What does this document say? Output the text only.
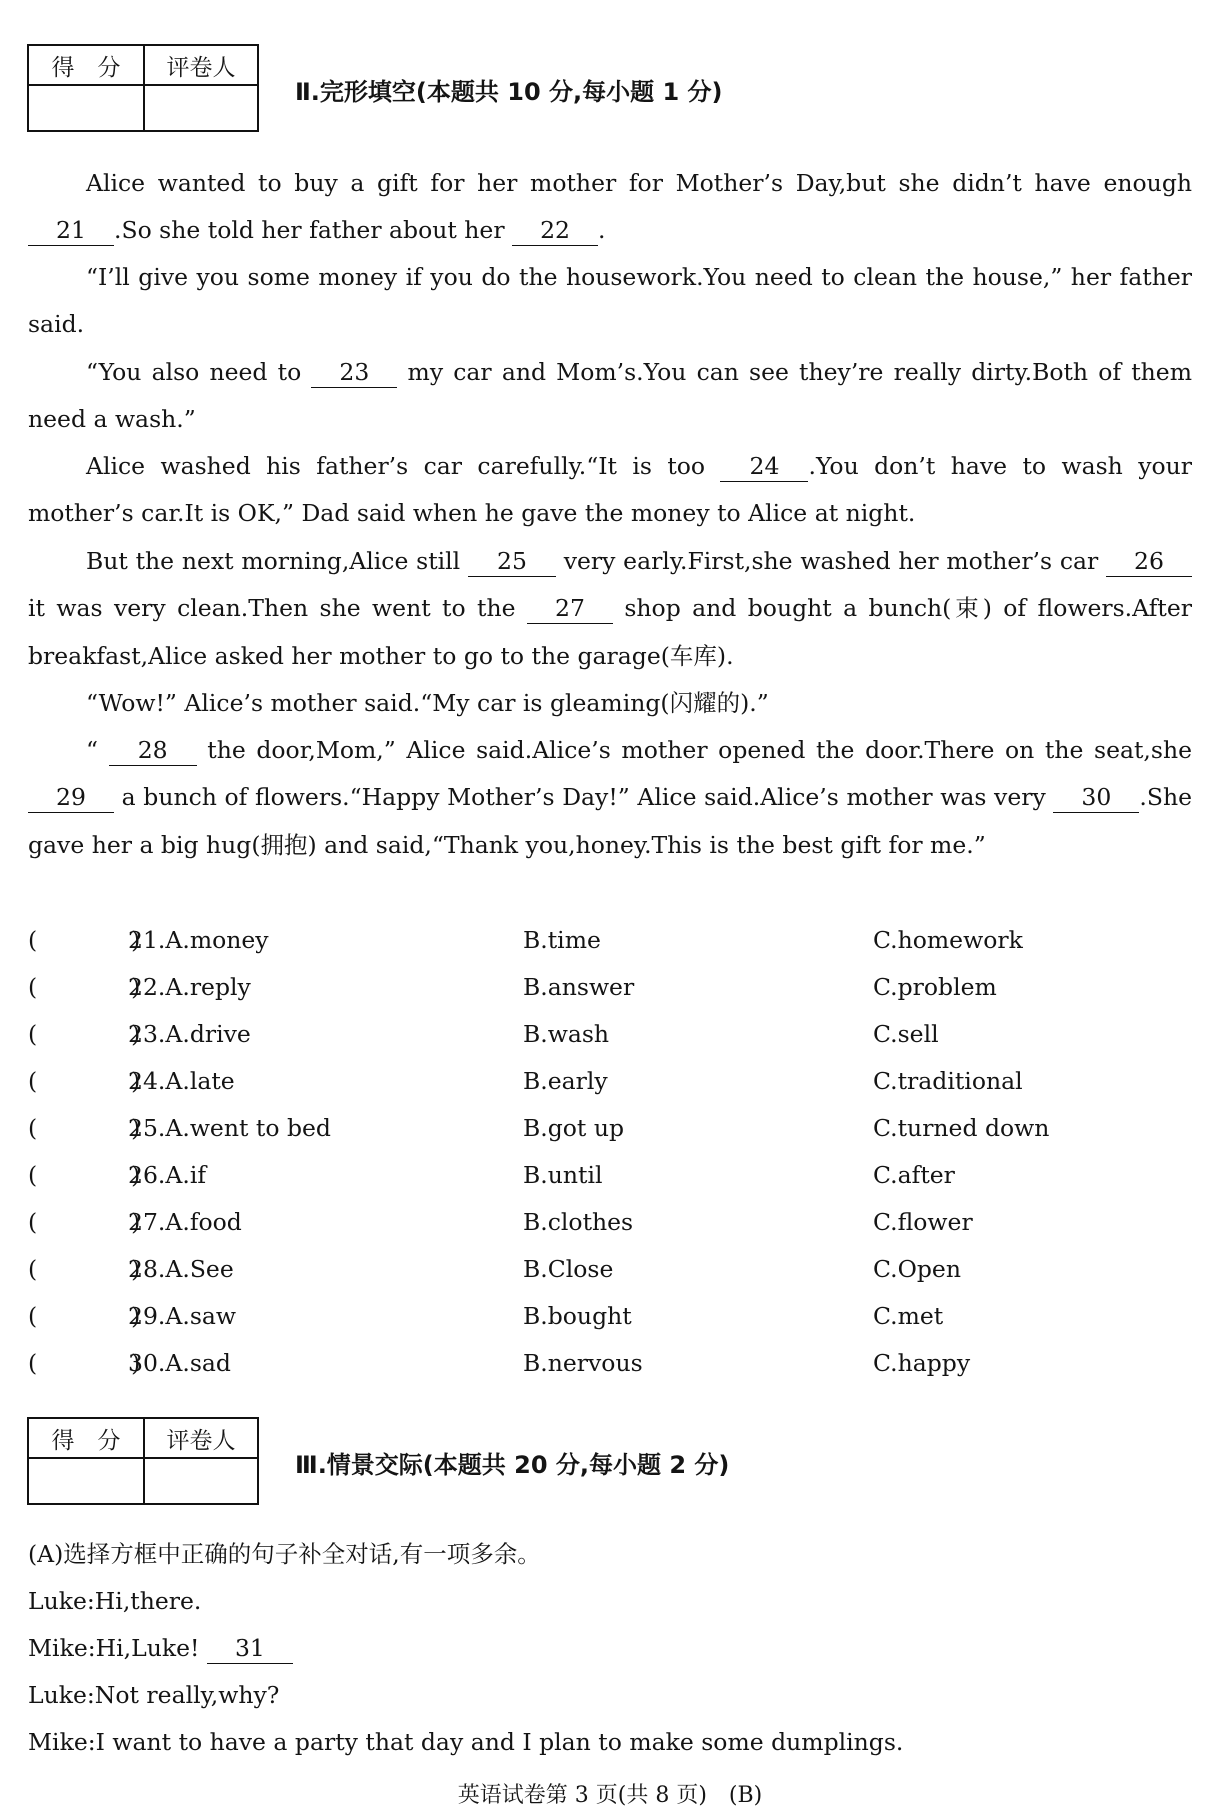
得　分	评卷人
Ⅱ.完形填空(本题共 10 分,每小题 1 分)

Alice wanted to buy a gift for her mother for Mother’s Day,but she didn’t have enough 21 .So she told her father about her 22 .

“I’ll give you some money if you do the housework.You need to clean the house,” her father said.

“You also need to 23 my car and Mom’s.You can see they’re really dirty.Both of them need a wash.”

Alice washed his father’s car carefully.“It is too 24 .You don’t have to wash your mother’s car.It is OK,” Dad said when he gave the money to Alice at night.

But the next morning,Alice still 25 very early.First,she washed her mother’s car 26 it was very clean.Then she went to the 27 shop and bought a bunch(束) of flowers.After breakfast,Alice asked her mother to go to the garage(车库).

“Wow!” Alice’s mother said.“My car is gleaming(闪耀的).”

“ 28 the door,Mom,” Alice said.Alice’s mother opened the door.There on the seat,she 29 a bunch of flowers.“Happy Mother’s Day!” Alice said.Alice’s mother was very 30 .She gave her a big hug(拥抱) and said,“Thank you,honey.This is the best gift for me.”

(　　　　)
21.A.money	B.time	C.homework
(　　　　)
22.A.reply	B.answer	C.problem
(　　　　)
23.A.drive	B.wash	C.sell
(　　　　)
24.A.late	B.early	C.traditional
(　　　　)
25.A.went to bed	B.got up	C.turned down
(　　　　)
26.A.if	B.until	C.after
(　　　　)
27.A.food	B.clothes	C.flower
(　　　　)
28.A.See	B.Close	C.Open
(　　　　)
29.A.saw	B.bought	C.met
(　　　　)
30.A.sad	B.nervous	C.happy
得　分	评卷人
Ⅲ.情景交际(本题共 20 分,每小题 2 分)

(A)选择方框中正确的句子补全对话,有一项多余。

Luke:Hi,there.

Mike:Hi,Luke! 31

Luke:Not really,why?

Mike:I want to have a party that day and I plan to make some dumplings.

英语试卷第 3 页(共 8 页)　(B)
